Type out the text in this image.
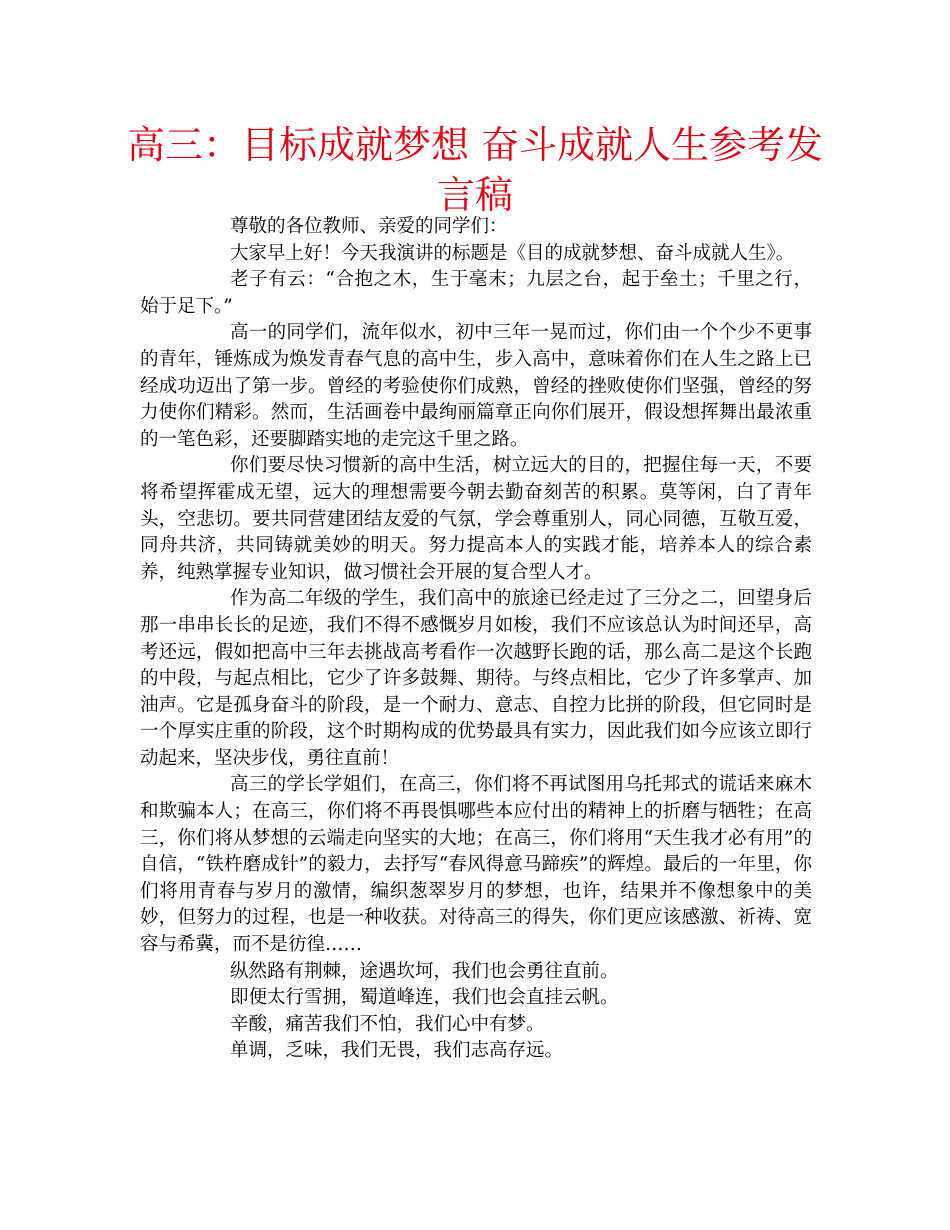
高三：目标成就梦想 奋斗成就人生参考发言稿

尊敬的各位教师、亲爱的同学们：

大家早上好！今天我演讲的标题是《目的成就梦想、奋斗成就人生》。

老子有云：“合抱之木，生于毫末；九层之台，起于垒土；千里之行，始于足下。”

高一的同学们，流年似水，初中三年一晃而过，你们由一个个少不更事的青年，锤炼成为焕发青春气息的高中生，步入高中，意味着你们在人生之路上已经成功迈出了第一步。曾经的考验使你们成熟，曾经的挫败使你们坚强，曾经的努力使你们精彩。然而，生活画卷中最绚丽篇章正向你们展开，假设想挥舞出最浓重的一笔色彩，还要脚踏实地的走完这千里之路。

你们要尽快习惯新的高中生活，树立远大的目的，把握住每一天，不要将希望挥霍成无望，远大的理想需要今朝去勤奋刻苦的积累。莫等闲，白了青年头，空悲切。要共同营建团结友爱的气氛，学会尊重别人，同心同德，互敬互爱，同舟共济，共同铸就美妙的明天。努力提高本人的实践才能，培养本人的综合素养，纯熟掌握专业知识，做习惯社会开展的复合型人才。

作为高二年级的学生，我们高中的旅途已经走过了三分之二，回望身后那一串串长长的足迹，我们不得不感慨岁月如梭，我们不应该总认为时间还早，高考还远，假如把高中三年去挑战高考看作一次越野长跑的话，那么高二是这个长跑的中段，与起点相比，它少了许多鼓舞、期待。与终点相比，它少了许多掌声、加油声。它是孤身奋斗的阶段，是一个耐力、意志、自控力比拼的阶段，但它同时是一个厚实庄重的阶段，这个时期构成的优势最具有实力，因此我们如今应该立即行动起来，坚决步伐，勇往直前！

高三的学长学姐们，在高三，你们将不再试图用乌托邦式的谎话来麻木和欺骗本人；在高三，你们将不再畏惧哪些本应付出的精神上的折磨与牺牲；在高三，你们将从梦想的云端走向坚实的大地；在高三，你们将用“天生我才必有用”的自信，“铁杵磨成针”的毅力，去抒写“春风得意马蹄疾”的辉煌。最后的一年里，你们将用青春与岁月的激情，编织葱翠岁月的梦想，也许，结果并不像想象中的美妙，但努力的过程，也是一种收获。对待高三的得失，你们更应该感激、祈祷、宽容与希冀，而不是彷徨……

纵然路有荆棘，途遇坎坷，我们也会勇往直前。

即便太行雪拥，蜀道峰连，我们也会直挂云帆。

辛酸，痛苦我们不怕，我们心中有梦。

单调，乏味，我们无畏，我们志高存远。
